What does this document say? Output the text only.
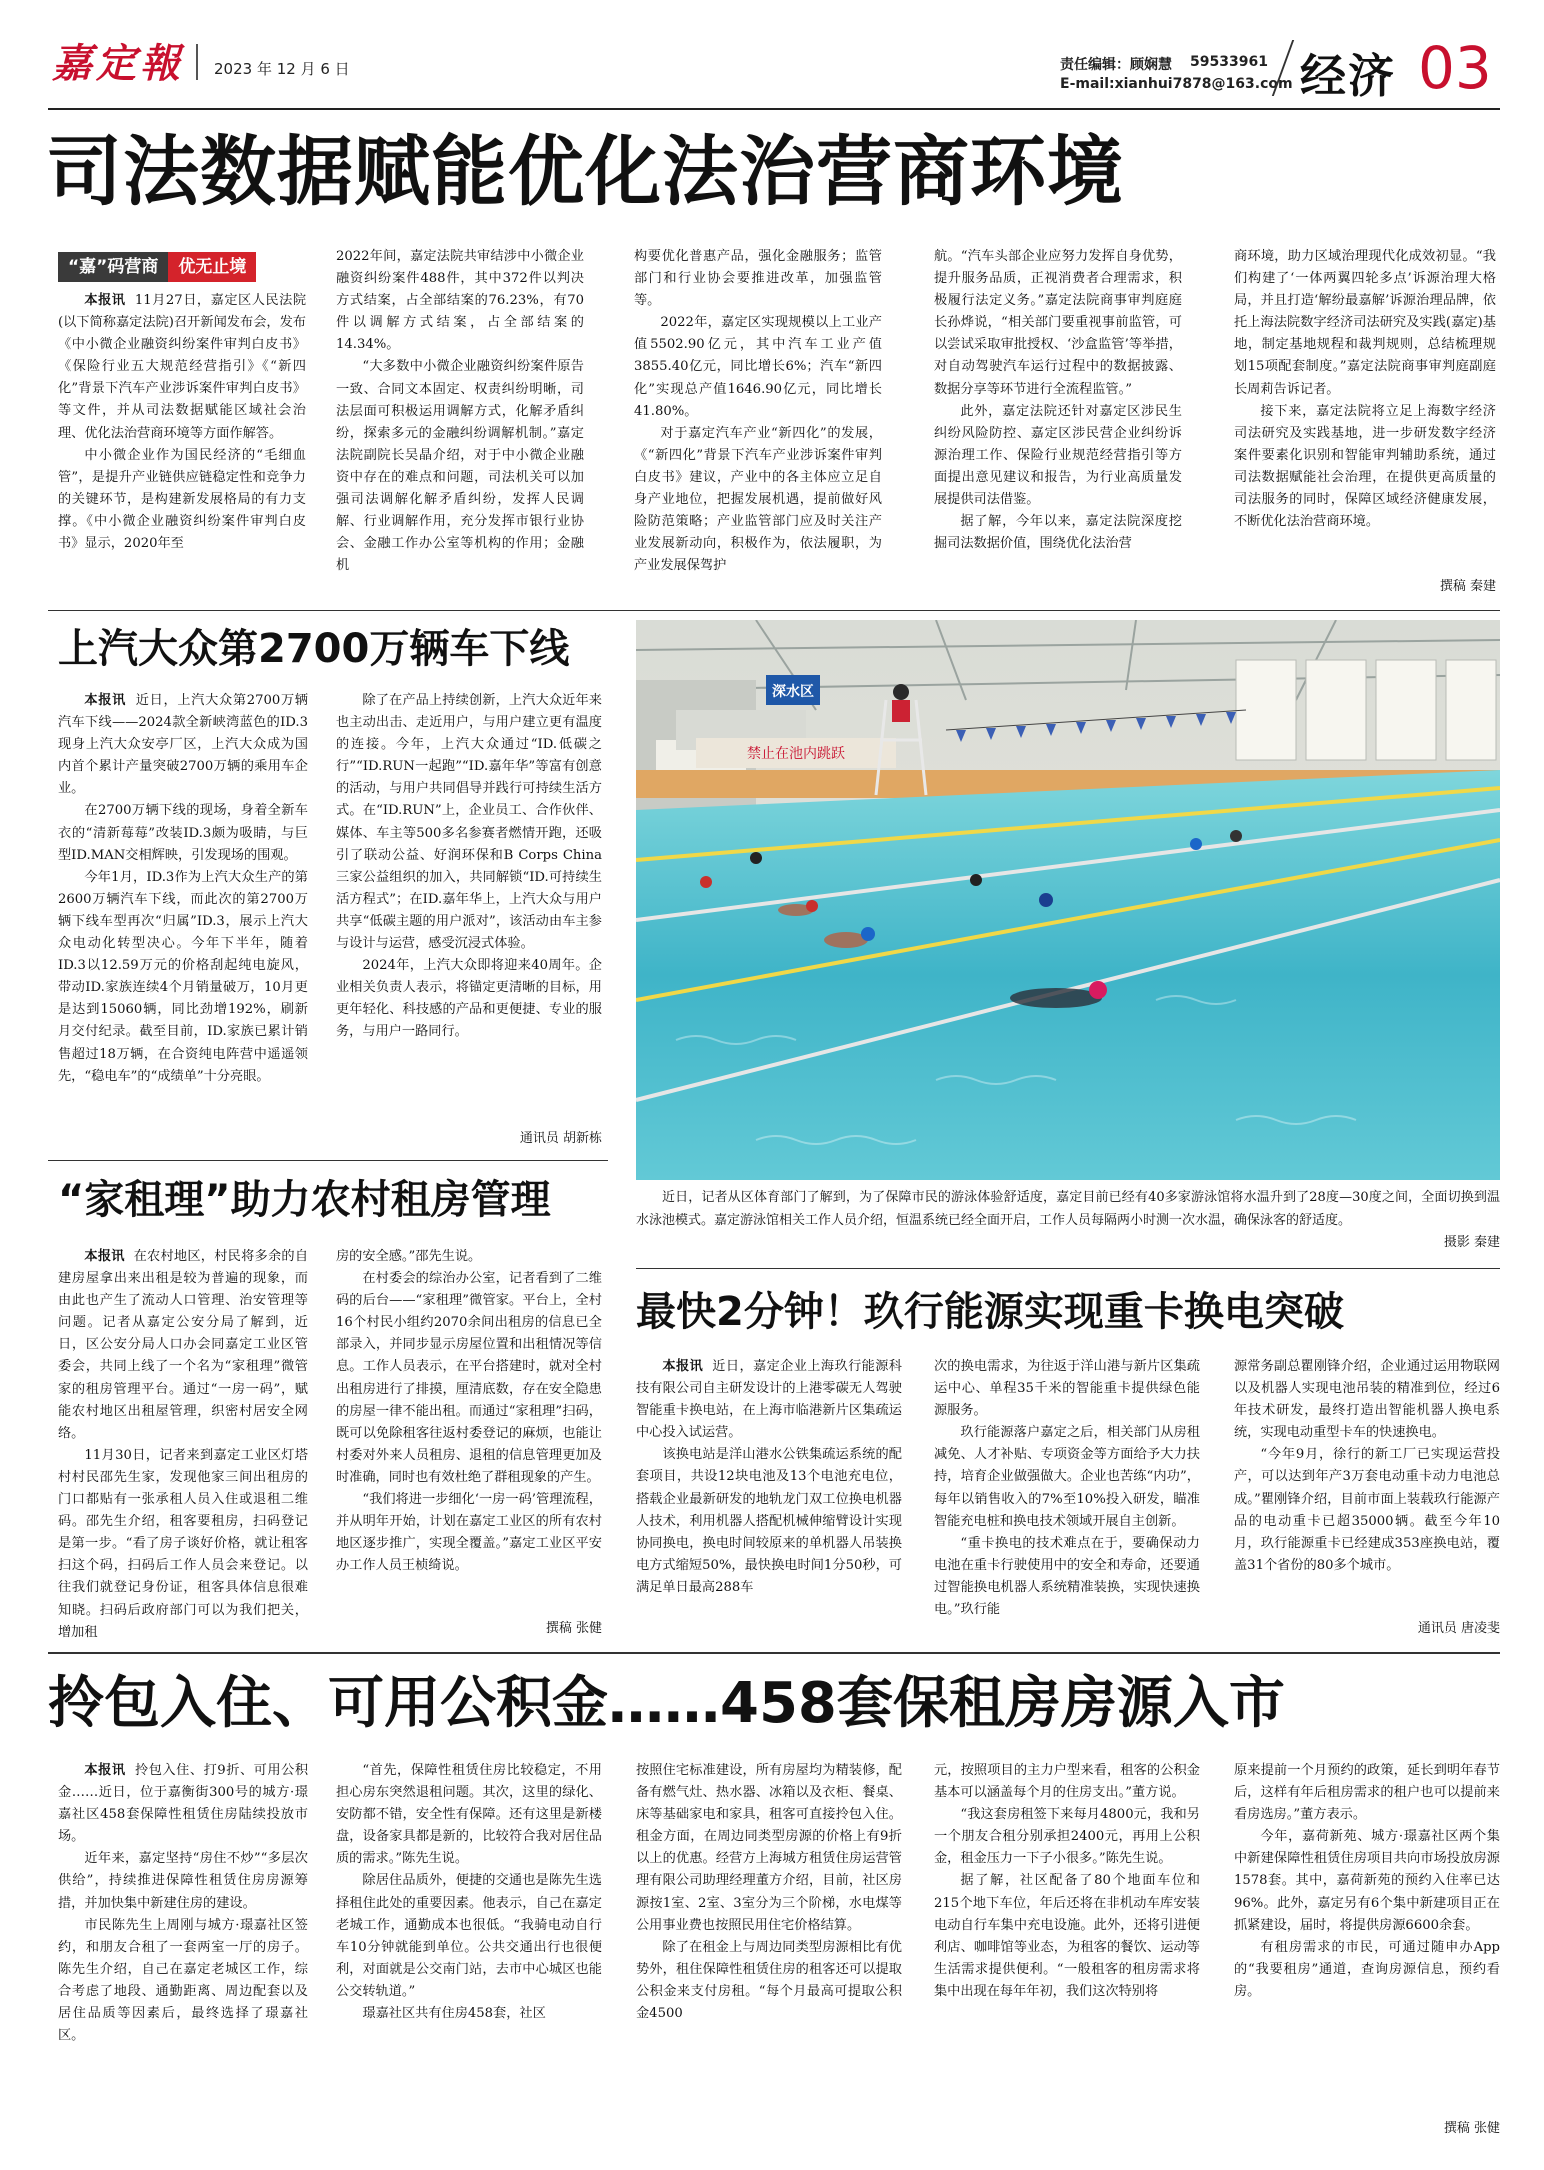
嘉定報 2023 年 12 月 6 日	责任编辑：顾娴慧 59533961
E-mail:xianhui7878@163.com 经济 03
司法数据赋能优化法治营商环境
“嘉”码营商 优无止境

本报讯 11月27日，嘉定区人民法院(以下简称嘉定法院)召开新闻发布会，发布《中小微企业融资纠纷案件审判白皮书》《保险行业五大规范经营指引》《“新四化”背景下汽车产业涉诉案件审判白皮书》等文件，并从司法数据赋能区域社会治理、优化法治营商环境等方面作解答。

中小微企业作为国民经济的“毛细血管”，是提升产业链供应链稳定性和竞争力的关键环节，是构建新发展格局的有力支撑。《中小微企业融资纠纷案件审判白皮书》显示，2020年至

2022年间，嘉定法院共审结涉中小微企业融资纠纷案件488件，其中372件以判决方式结案，占全部结案的76.23%，有70件以调解方式结案，占全部结案的14.34%。

“大多数中小微企业融资纠纷案件原告一致、合同文本固定、权责纠纷明晰，司法层面可积极运用调解方式，化解矛盾纠纷，探索多元的金融纠纷调解机制。”嘉定法院副院长吴晶介绍，对于中小微企业融资中存在的难点和问题，司法机关可以加强司法调解化解矛盾纠纷，发挥人民调解、行业调解作用，充分发挥市银行业协会、金融工作办公室等机构的作用；金融机

构要优化普惠产品，强化金融服务；监管部门和行业协会要推进改革，加强监管等。

2022年，嘉定区实现规模以上工业产值5502.90亿元，其中汽车工业产值3855.40亿元，同比增长6%；汽车“新四化”实现总产值1646.90亿元，同比增长41.80%。

对于嘉定汽车产业“新四化”的发展，《“新四化”背景下汽车产业涉诉案件审判白皮书》建议，产业中的各主体应立足自身产业地位，把握发展机遇，提前做好风险防范策略；产业监管部门应及时关注产业发展新动向，积极作为，依法履职，为产业发展保驾护

航。“汽车头部企业应努力发挥自身优势，提升服务品质，正视消费者合理需求，积极履行法定义务。”嘉定法院商事审判庭庭长孙烨说，“相关部门要重视事前监管，可以尝试采取审批授权、‘沙盒监管’等举措，对自动驾驶汽车运行过程中的数据披露、数据分享等环节进行全流程监管。”

此外，嘉定法院还针对嘉定区涉民生纠纷风险防控、嘉定区涉民营企业纠纷诉源治理工作、保险行业规范经营指引等方面提出意见建议和报告，为行业高质量发展提供司法借鉴。

据了解，今年以来，嘉定法院深度挖掘司法数据价值，围绕优化法治营

商环境，助力区域治理现代化成效初显。“我们构建了‘一体两翼四轮多点’诉源治理大格局，并且打造‘解纷最嘉解’诉源治理品牌，依托上海法院数字经济司法研究及实践(嘉定)基地，制定基地规程和裁判规则，总结梳理规划15项配套制度。”嘉定法院商事审判庭副庭长周莉告诉记者。

接下来，嘉定法院将立足上海数字经济司法研究及实践基地，进一步研发数字经济案件要素化识别和智能审判辅助系统，通过司法数据赋能社会治理，在提供更高质量的司法服务的同时，保障区域经济健康发展，不断优化法治营商环境。

撰稿 秦建
上汽大众第2700万辆车下线

本报讯 近日，上汽大众第2700万辆汽车下线——2024款全新峡湾蓝色的ID.3现身上汽大众安亭厂区，上汽大众成为国内首个累计产量突破2700万辆的乘用车企业。

在2700万辆下线的现场，身着全新车衣的“清新莓莓”改装ID.3颇为吸睛，与巨型ID.MAN交相辉映，引发现场的围观。

今年1月，ID.3作为上汽大众生产的第2600万辆汽车下线，而此次的第2700万辆下线车型再次“归属”ID.3，展示上汽大众电动化转型决心。今年下半年，随着ID.3以12.59万元的价格刮起纯电旋风，带动ID.家族连续4个月销量破万，10月更是达到15060辆，同比劲增192%，刷新月交付纪录。截至目前，ID.家族已累计销售超过18万辆，在合资纯电阵营中遥遥领先，“稳电车”的“成绩单”十分亮眼。

除了在产品上持续创新，上汽大众近年来也主动出击、走近用户，与用户建立更有温度的连接。今年，上汽大众通过“ID.低碳之行”“ID.RUN一起跑”“ID.嘉年华”等富有创意的活动，与用户共同倡导并践行可持续生活方式。在“ID.RUN”上，企业员工、合作伙伴、媒体、车主等500多名参赛者燃情开跑，还吸引了联动公益、好润环保和B Corps China三家公益组织的加入，共同解锁“ID.可持续生活方程式”；在ID.嘉年华上，上汽大众与用户共享“低碳主题的用户派对”，该活动由车主参与设计与运营，感受沉浸式体验。

2024年，上汽大众即将迎来40周年。企业相关负责人表示，将锚定更清晰的目标，用更年轻化、科技感的产品和更便捷、专业的服务，与用户一路同行。

通讯员 胡新栋
深水区
禁止在池内跳跃

近日，记者从区体育部门了解到，为了保障市民的游泳体验舒适度，嘉定目前已经有40多家游泳馆将水温升到了28度—30度之间，全面切换到温水泳池模式。嘉定游泳馆相关工作人员介绍，恒温系统已经全面开启，工作人员每隔两小时测一次水温，确保泳客的舒适度。

摄影 秦建
“家租理”助力农村租房管理

本报讯 在农村地区，村民将多余的自建房屋拿出来出租是较为普遍的现象，而由此也产生了流动人口管理、治安管理等问题。记者从嘉定公安分局了解到，近日，区公安分局人口办会同嘉定工业区管委会，共同上线了一个名为“家租理”微管家的租房管理平台。通过“一房一码”，赋能农村地区出租屋管理，织密村居安全网络。

11月30日，记者来到嘉定工业区灯塔村村民邵先生家，发现他家三间出租房的门口都贴有一张承租人员入住或退租二维码。邵先生介绍，租客要租房，扫码登记是第一步。“看了房子谈好价格，就让租客扫这个码，扫码后工作人员会来登记。以往我们就登记身份证，租客具体信息很难知晓。扫码后政府部门可以为我们把关，增加租

房的安全感。”邵先生说。

在村委会的综治办公室，记者看到了二维码的后台——“家租理”微管家。平台上，全村16个村民小组约2070余间出租房的信息已全部录入，并同步显示房屋位置和出租情况等信息。工作人员表示，在平台搭建时，就对全村出租房进行了排摸，厘清底数，存在安全隐患的房屋一律不能出租。而通过“家租理”扫码，既可以免除租客往返村委登记的麻烦，也能让村委对外来人员租房、退租的信息管理更加及时准确，同时也有效杜绝了群租现象的产生。

“我们将进一步细化‘一房一码’管理流程，并从明年开始，计划在嘉定工业区的所有农村地区逐步推广，实现全覆盖。”嘉定工业区平安办工作人员王桢绮说。

撰稿 张健
最快2分钟！玖行能源实现重卡换电突破

本报讯 近日，嘉定企业上海玖行能源科技有限公司自主研发设计的上港零碳无人驾驶智能重卡换电站，在上海市临港新片区集疏运中心投入试运营。

该换电站是洋山港水公铁集疏运系统的配套项目，共设12块电池及13个电池充电位，搭载企业最新研发的地轨龙门双工位换电机器人技术，利用机器人搭配机械伸缩臂设计实现协同换电，换电时间较原来的单机器人吊装换电方式缩短50%，最快换电时间1分50秒，可满足单日最高288车

次的换电需求，为往返于洋山港与新片区集疏运中心、单程35千米的智能重卡提供绿色能源服务。

玖行能源落户嘉定之后，相关部门从房租减免、人才补贴、专项资金等方面给予大力扶持，培育企业做强做大。企业也苦练“内功”，每年以销售收入的7%至10%投入研发，瞄准智能充电桩和换电技术领域开展自主创新。

“重卡换电的技术难点在于，要确保动力电池在重卡行驶使用中的安全和寿命，还要通过智能换电机器人系统精准装换，实现快速换电。”玖行能

源常务副总瞿刚锋介绍，企业通过运用物联网以及机器人实现电池吊装的精准到位，经过6年技术研发，最终打造出智能机器人换电系统，实现电动重型卡车的快速换电。

“今年9月，徐行的新工厂已实现运营投产，可以达到年产3万套电动重卡动力电池总成。”瞿刚锋介绍，目前市面上装载玖行能源产品的电动重卡已超35000辆。截至今年10月，玖行能源重卡已经建成353座换电站，覆盖31个省份的80多个城市。

通讯员 唐凌斐
拎包入住、可用公积金……458套保租房房源入市

本报讯 拎包入住、打9折、可用公积金……近日，位于嘉衡街300号的城方·璟嘉社区458套保障性租赁住房陆续投放市场。

近年来，嘉定坚持“房住不炒”“多层次供给”，持续推进保障性租赁住房房源筹措，并加快集中新建住房的建设。

市民陈先生上周刚与城方·璟嘉社区签约，和朋友合租了一套两室一厅的房子。陈先生介绍，自己在嘉定老城区工作，综合考虑了地段、通勤距离、周边配套以及居住品质等因素后，最终选择了璟嘉社区。

“首先，保障性租赁住房比较稳定，不用担心房东突然退租问题。其次，这里的绿化、安防都不错，安全性有保障。还有这里是新楼盘，设备家具都是新的，比较符合我对居住品质的需求。”陈先生说。

除居住品质外，便捷的交通也是陈先生选择租住此处的重要因素。他表示，自己在嘉定老城工作，通勤成本也很低。“我骑电动自行车10分钟就能到单位。公共交通出行也很便利，对面就是公交南门站，去市中心城区也能公交转轨道。”

璟嘉社区共有住房458套，社区

按照住宅标准建设，所有房屋均为精装修，配备有燃气灶、热水器、冰箱以及衣柜、餐桌、床等基础家电和家具，租客可直接拎包入住。租金方面，在周边同类型房源的价格上有9折以上的优惠。经营方上海城方租赁住房运营管理有限公司助理经理董方介绍，目前，社区房源按1室、2室、3室分为三个阶梯，水电煤等公用事业费也按照民用住宅价格结算。

除了在租金上与周边同类型房源相比有优势外，租住保障性租赁住房的租客还可以提取公积金来支付房租。“每个月最高可提取公积金4500

元，按照项目的主力户型来看，租客的公积金基本可以涵盖每个月的住房支出。”董方说。

“我这套房租签下来每月4800元，我和另一个朋友合租分别承担2400元，再用上公积金，租金压力一下子小很多。”陈先生说。

据了解，社区配备了80个地面车位和215个地下车位，年后还将在非机动车库安装电动自行车集中充电设施。此外，还将引进便利店、咖啡馆等业态，为租客的餐饮、运动等生活需求提供便利。“一般租客的租房需求将集中出现在每年年初，我们这次特别将

原来提前一个月预约的政策，延长到明年春节后，这样有年后租房需求的租户也可以提前来看房选房。”董方表示。

今年，嘉荷新苑、城方·璟嘉社区两个集中新建保障性租赁住房项目共向市场投放房源1578套。其中，嘉荷新苑的预约入住率已达96%。此外，嘉定另有6个集中新建项目正在抓紧建设，届时，将提供房源6600余套。

有租房需求的市民，可通过随申办App的“我要租房”通道，查询房源信息，预约看房。

撰稿 张健
